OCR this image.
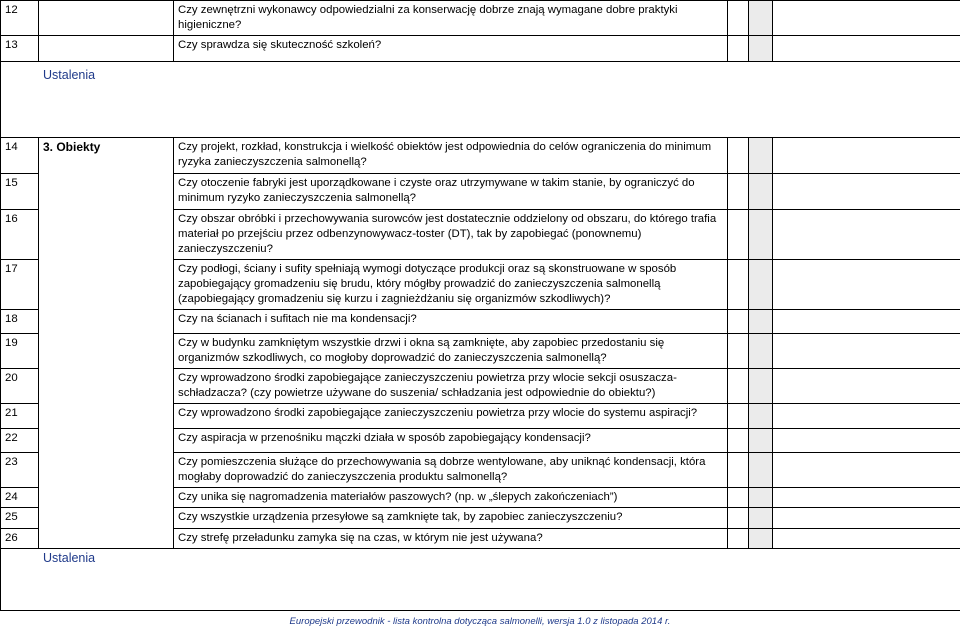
12		Czy zewnętrzni wykonawcy odpowiedzialni za konserwację dobrze znają wymagane dobre praktyki higieniczne?			
13		Czy sprawdza się skuteczność szkoleń?			
Ustalenia					
14	3. Obiekty	Czy projekt, rozkład, konstrukcja i wielkość obiektów jest odpowiednia do celów ograniczenia do minimum ryzyka zanieczyszczenia salmonellą?			
15		Czy otoczenie fabryki jest uporządkowane i czyste oraz utrzymywane w takim stanie, by ograniczyć do minimum ryzyko zanieczyszczenia salmonellą?			
16		Czy obszar obróbki i przechowywania surowców jest dostatecznie oddzielony od obszaru, do którego trafia materiał po przejściu przez odbenzynowywacz-toster (DT), tak by zapobiegać (ponownemu) zanieczyszczeniu?			
17		Czy podłogi, ściany i sufity spełniają wymogi dotyczące produkcji oraz są skonstruowane w sposób zapobiegający gromadzeniu się brudu, który mógłby prowadzić do zanieczyszczenia salmonellą (zapobiegający gromadzeniu się kurzu i zagnieżdżaniu się organizmów szkodliwych)?			
18		Czy na ścianach i sufitach nie ma kondensacji?			
19		Czy w budynku zamkniętym wszystkie drzwi i okna są zamknięte, aby zapobiec przedostaniu się organizmów szkodliwych, co mogłoby doprowadzić do zanieczyszczenia salmonellą?			
20		Czy wprowadzono środki zapobiegające zanieczyszczeniu powietrza przy wlocie sekcji osuszacza-schładzacza? (czy powietrze używane do suszenia/ schładzania jest odpowiednie do obiektu?)			
21		Czy wprowadzono środki zapobiegające zanieczyszczeniu powietrza przy wlocie do systemu aspiracji?			
22		Czy aspiracja w przenośniku mączki działa w sposób zapobiegający kondensacji?			
23		Czy pomieszczenia służące do przechowywania są dobrze wentylowane, aby uniknąć kondensacji, która mogłaby doprowadzić do zanieczyszczenia produktu salmonellą?			
24		Czy unika się nagromadzenia materiałów paszowych? (np. w „ślepych zakończeniach”)			
25		Czy wszystkie urządzenia przesyłowe są zamknięte tak, by zapobiec zanieczyszczeniu?			
26		Czy strefę przeładunku zamyka się na czas, w którym nie jest używana?			
Ustalenia					
Europejski przewodnik - lista kontrolna dotycząca salmonelli, wersja 1.0 z listopada 2014 r.
